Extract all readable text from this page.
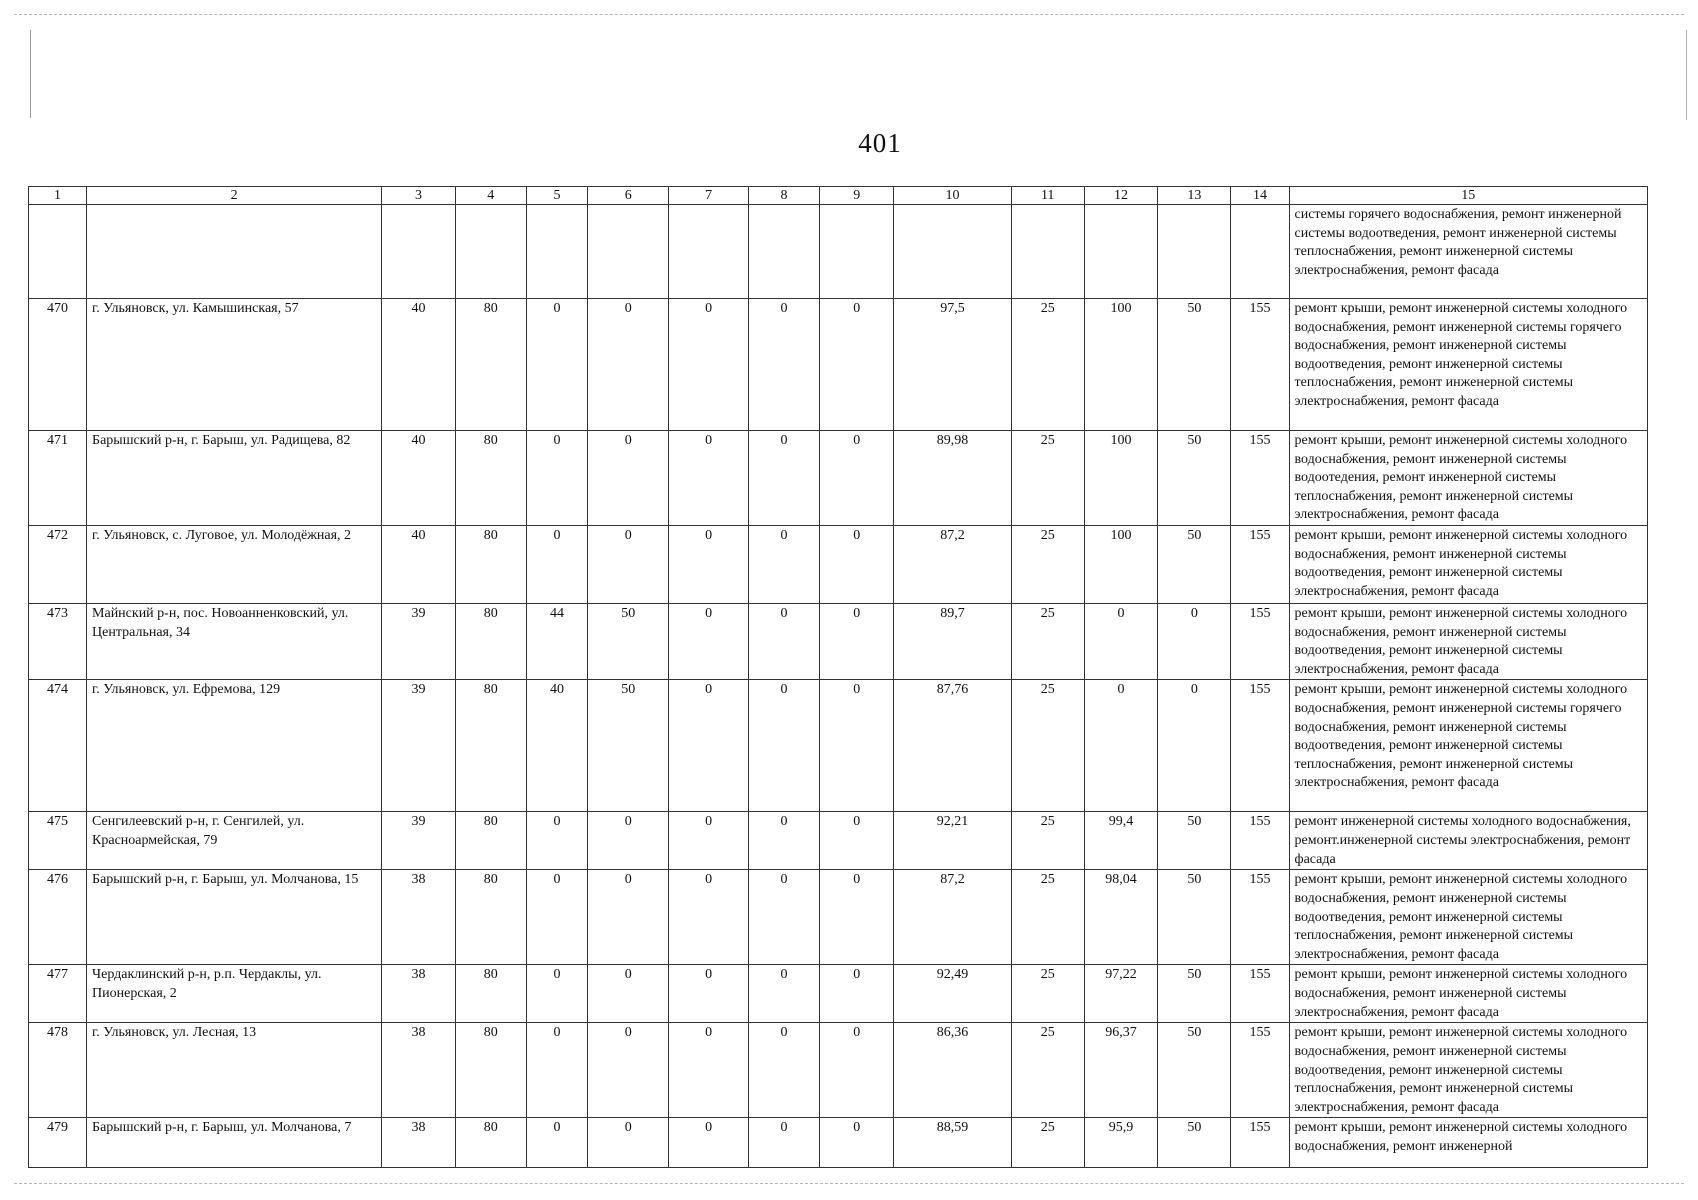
401
1	2	3	4	5	6	7	8	9	10	11	12	13	14	15
														системы горячего водоснабжения, ремонт инженерной системы водоотведения, ремонт инженерной системы теплоснабжения, ремонт инженерной системы электроснабжения, ремонт фасада
470	г. Ульяновск, ул. Камышинская, 57	40	80	0	0	0	0	0	97,5	25	100	50	155	ремонт крыши, ремонт инженерной системы холодного водоснабжения, ремонт инженерной системы горячего водоснабжения, ремонт инженерной системы водоотведения, ремонт инженерной системы теплоснабжения, ремонт инженерной системы электроснабжения, ремонт фасада
471	Барышский р-н, г. Барыш, ул. Радищева, 82	40	80	0	0	0	0	0	89,98	25	100	50	155	ремонт крыши, ремонт инженерной системы холодного водоснабжения, ремонт инженерной системы водоотедения, ремонт инженерной системы теплоснабжения, ремонт инженерной системы электроснабжения, ремонт фасада
472	г. Ульяновск, с. Луговое, ул. Молодёжная, 2	40	80	0	0	0	0	0	87,2	25	100	50	155	ремонт крыши, ремонт инженерной системы холодного водоснабжения, ремонт инженерной системы водоотведения, ремонт инженерной системы электроснабжения, ремонт фасада
473	Майнский р-н, пос. Новоанненковский, ул. Центральная, 34	39	80	44	50	0	0	0	89,7	25	0	0	155	ремонт крыши, ремонт инженерной системы холодного водоснабжения, ремонт инженерной системы водоотведения, ремонт инженерной системы электроснабжения, ремонт фасада
474	г. Ульяновск, ул. Ефремова, 129	39	80	40	50	0	0	0	87,76	25	0	0	155	ремонт крыши, ремонт инженерной системы холодного водоснабжения, ремонт инженерной системы горячего водоснабжения, ремонт инженерной системы водоотведения, ремонт инженерной системы теплоснабжения, ремонт инженерной системы электроснабжения, ремонт фасада
475	Сенгилеевский р-н, г. Сенгилей, ул. Красноармейская, 79	39	80	0	0	0	0	0	92,21	25	99,4	50	155	ремонт инженерной системы холодного водоснабжения, ремонт.инженерной системы электроснабжения, ремонт фасада
476	Барышский р-н, г. Барыш, ул. Молчанова, 15	38	80	0	0	0	0	0	87,2	25	98,04	50	155	ремонт крыши, ремонт инженерной системы холодного водоснабжения, ремонт инженерной системы водоотведения, ремонт инженерной системы теплоснабжения, ремонт инженерной системы электроснабжения, ремонт фасада
477	Чердаклинский р-н, р.п. Чердаклы, ул. Пионерская, 2	38	80	0	0	0	0	0	92,49	25	97,22	50	155	ремонт крыши, ремонт инженерной системы холодного водоснабжения, ремонт инженерной системы электроснабжения, ремонт фасада
478	г. Ульяновск, ул. Лесная, 13	38	80	0	0	0	0	0	86,36	25	96,37	50	155	ремонт крыши, ремонт инженерной системы холодного водоснабжения, ремонт инженерной системы водоотведения, ремонт инженерной системы теплоснабжения, ремонт инженерной системы электроснабжения, ремонт фасада
479	Барышский р-н, г. Барыш, ул. Молчанова, 7	38	80	0	0	0	0	0	88,59	25	95,9	50	155	ремонт крыши, ремонт инженерной системы холодного водоснабжения, ремонт инженерной
